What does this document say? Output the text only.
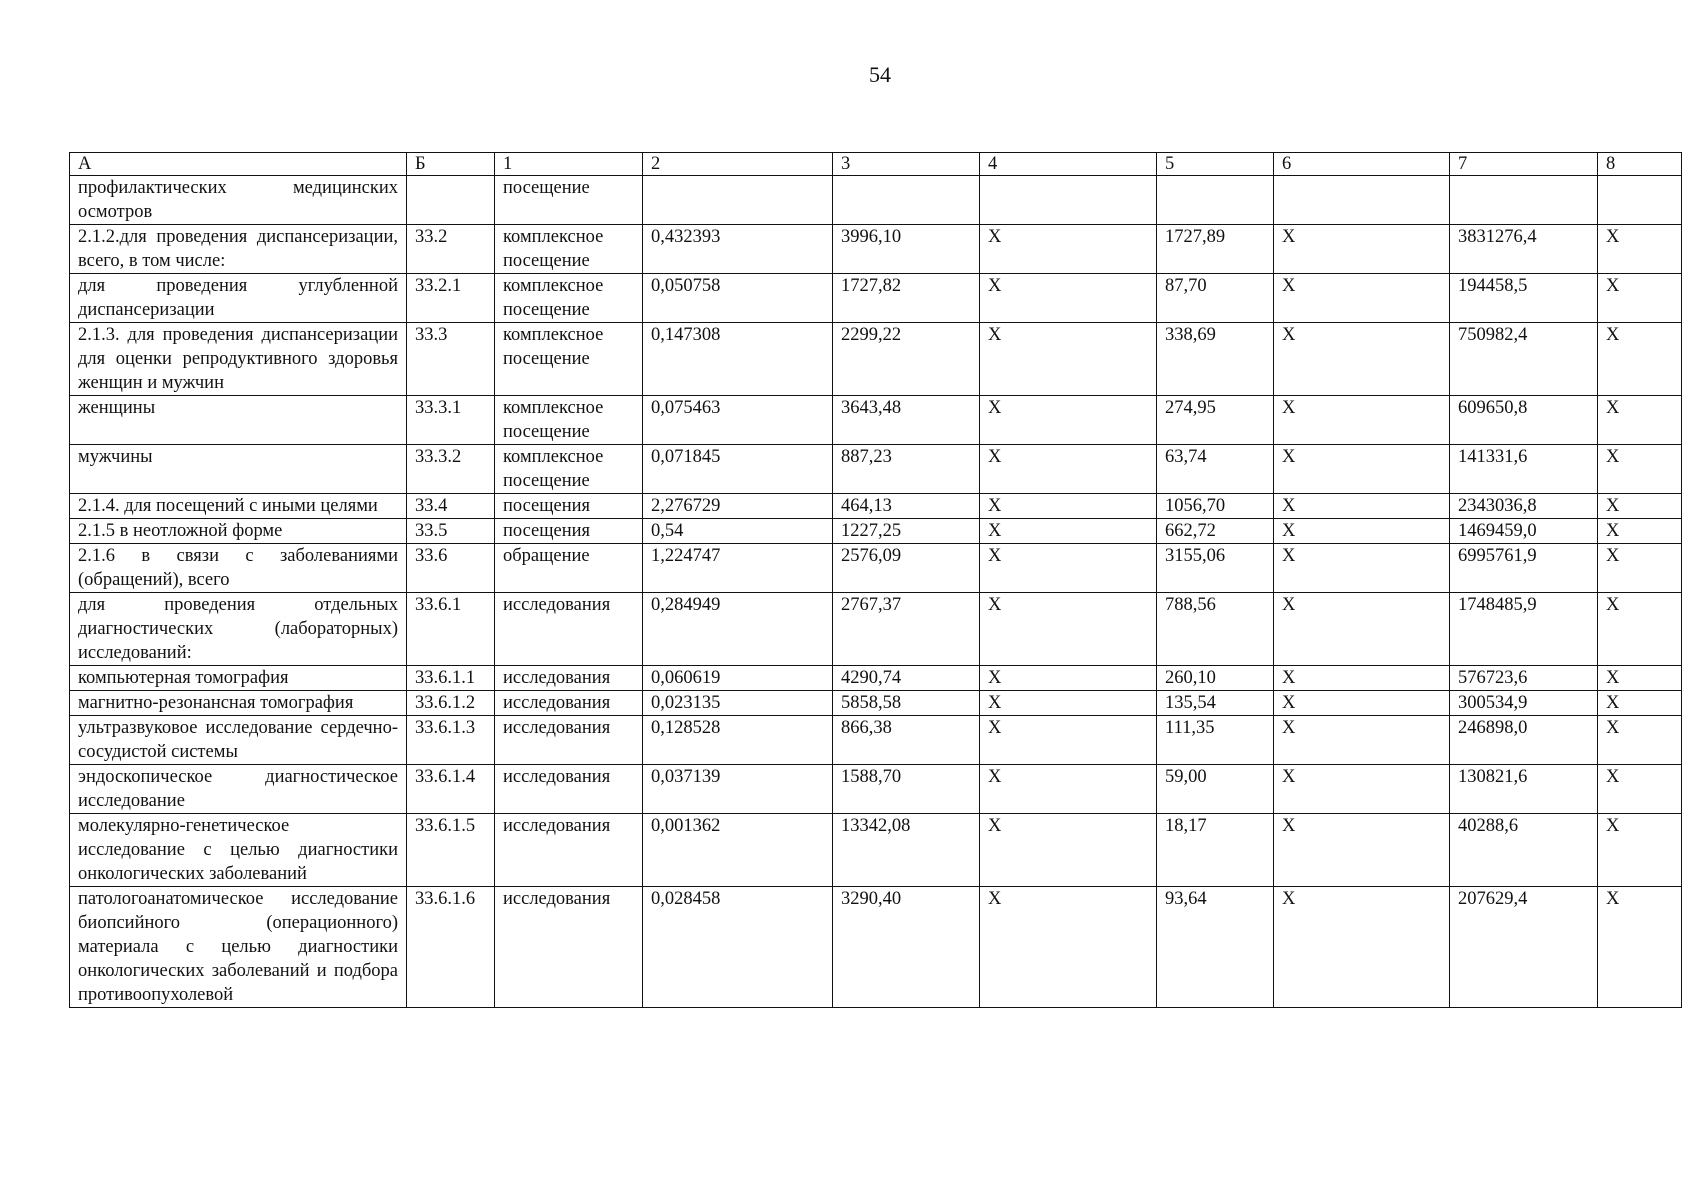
54
А	Б	1	2	3	4	5	6	7	8
профилактических медицинских осмотров		посещение							
2.1.2.для проведения диспансеризации, всего, в том числе:	33.2	комплексное посещение	0,432393	3996,10	X	1727,89	X	3831276,4	X
для проведения углубленной диспансеризации	33.2.1	комплексное посещение	0,050758	1727,82	X	87,70	X	194458,5	X
2.1.3. для проведения диспансеризации для оценки репродуктивного здоровья женщин и мужчин	33.3	комплексное посещение	0,147308	2299,22	X	338,69	X	750982,4	X
женщины	33.3.1	комплексное посещение	0,075463	3643,48	X	274,95	X	609650,8	X
мужчины	33.3.2	комплексное посещение	0,071845	887,23	X	63,74	X	141331,6	X
2.1.4. для посещений с иными целями	33.4	посещения	2,276729	464,13	X	1056,70	X	2343036,8	X
2.1.5 в неотложной форме	33.5	посещения	0,54	1227,25	X	662,72	X	1469459,0	X
2.1.6 в связи с заболеваниями (обращений), всего	33.6	обращение	1,224747	2576,09	X	3155,06	X	6995761,9	X
для проведения отдельных диагностических (лабораторных) исследований:	33.6.1	исследования	0,284949	2767,37	X	788,56	X	1748485,9	X
компьютерная томография	33.6.1.1	исследования	0,060619	4290,74	X	260,10	X	576723,6	X
магнитно-резонансная томография	33.6.1.2	исследования	0,023135	5858,58	X	135,54	X	300534,9	X
ультразвуковое исследование сердечно-сосудистой системы	33.6.1.3	исследования	0,128528	866,38	X	111,35	X	246898,0	X
эндоскопическое диагностическое исследование	33.6.1.4	исследования	0,037139	1588,70	X	59,00	X	130821,6	X
молекулярно-генетическое исследование с целью диагностики онкологических заболеваний	33.6.1.5	исследования	0,001362	13342,08	X	18,17	X	40288,6	X
патологоанатомическое исследование биопсийного (операционного) материала с целью диагностики онкологических заболеваний и подбора противоопухолевой	33.6.1.6	исследования	0,028458	3290,40	X	93,64	X	207629,4	X
